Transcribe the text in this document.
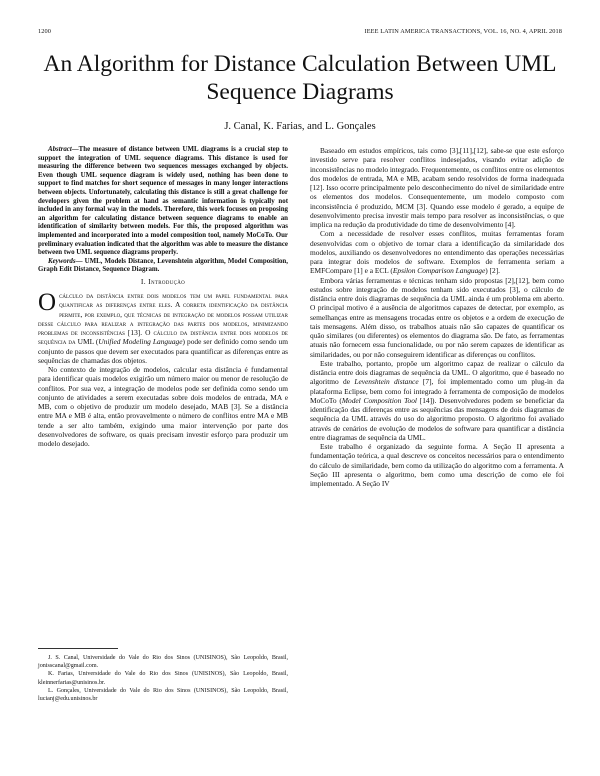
1200	IEEE LATIN AMERICA TRANSACTIONS, VOL. 16, NO. 4, APRIL 2018
An Algorithm for Distance Calculation Between UML Sequence Diagrams
J. Canal, K. Farias, and L. Gonçales

Abstract—The measure of distance between UML diagrams is a crucial step to support the integration of UML sequence diagrams. This distance is used for measuring the difference between two sequences messages exchanged by objects. Even though UML sequence diagram is widely used, nothing has been done to support to find matches for short sequence of messages in many longer interactions between objects. Unfortunately, calculating this distance is still a great challenge for developers given the problem at hand as semantic information is typically not included in any formal way in the models. Therefore, this work focuses on proposing an algorithm for calculating distance between sequence diagrams to enable an identification of similarity between models. For this, the proposed algorithm was implemented and incorporated into a model composition tool, namely MoCoTo. Our preliminary evaluation indicated that the algorithm was able to measure the distance between two UML sequence diagrams properly.

Keywords— UML, Models Distance, Levenshtein algorithm, Model Composition, Graph Edit Distance, Sequence Diagram.

I. Introdução

Ocálculo da distância entre dois modelos tem um papel fundamental para quantificar as diferenças entre eles. A correta identificação da distância permite, por exemplo, que técnicas de integração de modelos possam utilizar desse cálculo para realizar a integração das partes dos modelos, minimizando problemas de inconsistências [13]. O cálculo da distância entre dois modelos de sequência da UML (Unified Modeling Language) pode ser definido como sendo um conjunto de passos que devem ser executados para quantificar as diferenças entre as sequências de chamadas dos objetos.

No contexto de integração de modelos, calcular esta distância é fundamental para identificar quais modelos exigirão um número maior ou menor de resolução de conflitos. Por sua vez, a integração de modelos pode ser definida como sendo um conjunto de atividades a serem executadas sobre dois modelos de entrada, MA e MB, com o objetivo de produzir um modelo desejado, MAB [3]. Se a distância entre MA e MB é alta, então provavelmente o número de conflitos entre MA e MB tende a ser alto também, exigindo uma maior intervenção por parte dos desenvolvedores de software, os quais precisam investir esforço para produzir um modelo desejado.

J. S. Canal, Universidade do Vale do Rio dos Sinos (UNISINOS), São Leopoldo, Brasil, jonisscanal@gmail.com.

K. Farias, Universidade do Vale do Rio dos Sinos (UNISINOS), São Leopoldo, Brasil, kleinnerfarias@unisinos.br.

L. Gonçales, Universidade do Vale do Rio dos Sinos (UNISINOS), São Leopoldo, Brasil, lucianj@edu.unisinos.br

Baseado em estudos empíricos, tais como [3],[11],[12], sabe-se que este esforço investido serve para resolver conflitos indesejados, visando evitar adição de inconsistências no modelo integrado. Frequentemente, os conflitos entre os elementos dos modelos de entrada, MA e MB, acabam sendo resolvidos de forma inadequada [12]. Isso ocorre principalmente pelo desconhecimento do nível de similaridade entre os elementos dos modelos. Consequentemente, um modelo composto com inconsistência é produzido, MCM [3]. Quando esse modelo é gerado, a equipe de desenvolvimento precisa investir mais tempo para resolver as inconsistências, o que implica na redução da produtividade do time de desenvolvimento [4].

Com a necessidade de resolver esses conflitos, muitas ferramentas foram desenvolvidas com o objetivo de tornar clara a identificação da similaridade dos modelos, auxiliando os desenvolvedores no entendimento das operações necessárias para integrar dois modelos de software. Exemplos de ferramenta seriam a EMFCompare [1] e a ECL (Epsilon Comparison Language) [2].

Embora várias ferramentas e técnicas tenham sido propostas [2],[12], bem como estudos sobre integração de modelos tenham sido executados [3], o cálculo de distância entre dois diagramas de sequência da UML ainda é um problema em aberto. O principal motivo é a ausência de algoritmos capazes de detectar, por exemplo, as semelhanças entre as mensagens trocadas entre os objetos e a ordem de execução de tais mensagens. Além disso, os trabalhos atuais não são capazes de quantificar os quão similares (ou diferentes) os elementos do diagrama são. De fato, as ferramentas atuais não fornecem essa funcionalidade, ou por não serem capazes de identificar as similaridades, ou por não conseguirem identificar as diferenças ou conflitos.

Este trabalho, portanto, propõe um algoritmo capaz de realizar o cálculo da distância entre dois diagramas de sequência da UML. O algoritmo, que é baseado no algoritmo de Levenshtein distance [7], foi implementado como um plug-in da plataforma Eclipse, bem como foi integrado à ferramenta de composição de modelos MoCoTo (Model Composition Tool [14]). Desenvolvedores podem se beneficiar da identificação das diferenças entre as sequências das mensagens de dois diagramas de sequência da UML através do uso do algoritmo proposto. O algoritmo foi avaliado através de cenários de evolução de modelos de software para quantificar a distância entre diagramas de sequência da UML.

Este trabalho é organizado da seguinte forma. A Seção II apresenta a fundamentação teórica, a qual descreve os conceitos necessários para o entendimento do cálculo de similaridade, bem como da utilização do algoritmo com a ferramenta. A Seção III apresenta o algoritmo, bem como uma descrição de como ele foi implementado. A Seção IV
